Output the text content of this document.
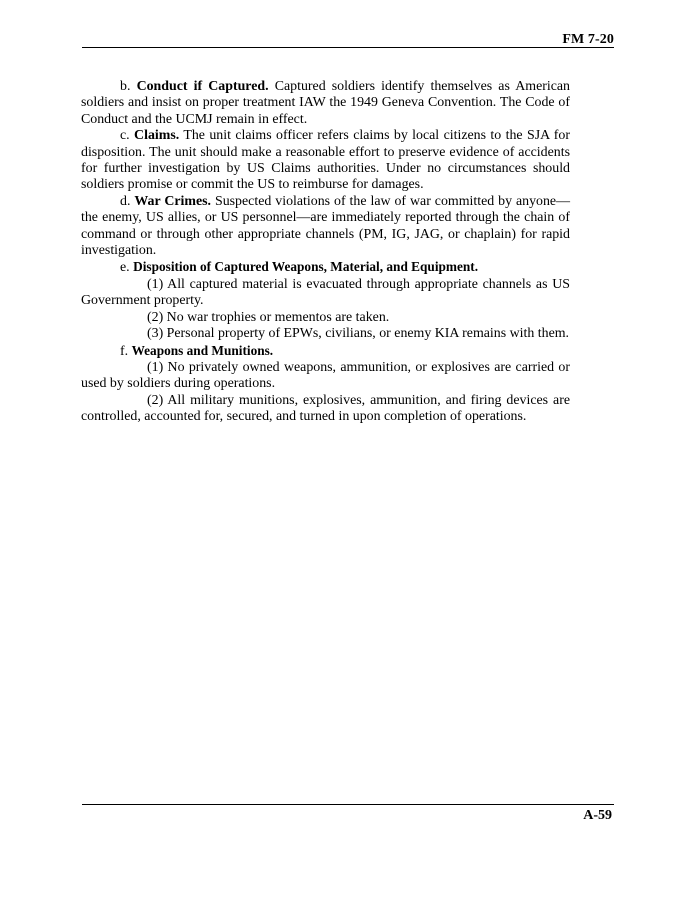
FM 7-20

b. Conduct if Captured. Captured soldiers identify themselves as American soldiers and insist on proper treatment IAW the 1949 Geneva Convention. The Code of Conduct and the UCMJ remain in effect.

c. Claims. The unit claims officer refers claims by local citizens to the SJA for disposition. The unit should make a reasonable effort to preserve evidence of accidents for further investigation by US Claims authorities. Under no circumstances should soldiers promise or commit the US to reimburse for damages.

d. War Crimes. Suspected violations of the law of war committed by anyone—the enemy, US allies, or US personnel—are immediately reported through the chain of command or through other appropriate channels (PM, IG, JAG, or chaplain) for rapid investigation.

e. Disposition of Captured Weapons, Material, and Equipment.

(1) All captured material is evacuated through appropriate channels as US Government property.

(2) No war trophies or mementos are taken.

(3) Personal property of EPWs, civilians, or enemy KIA remains with them.

f. Weapons and Munitions.

(1) No privately owned weapons, ammunition, or explosives are carried or used by soldiers during operations.

(2) All military munitions, explosives, ammunition, and firing devices are controlled, accounted for, secured, and turned in upon completion of operations.

A-59
